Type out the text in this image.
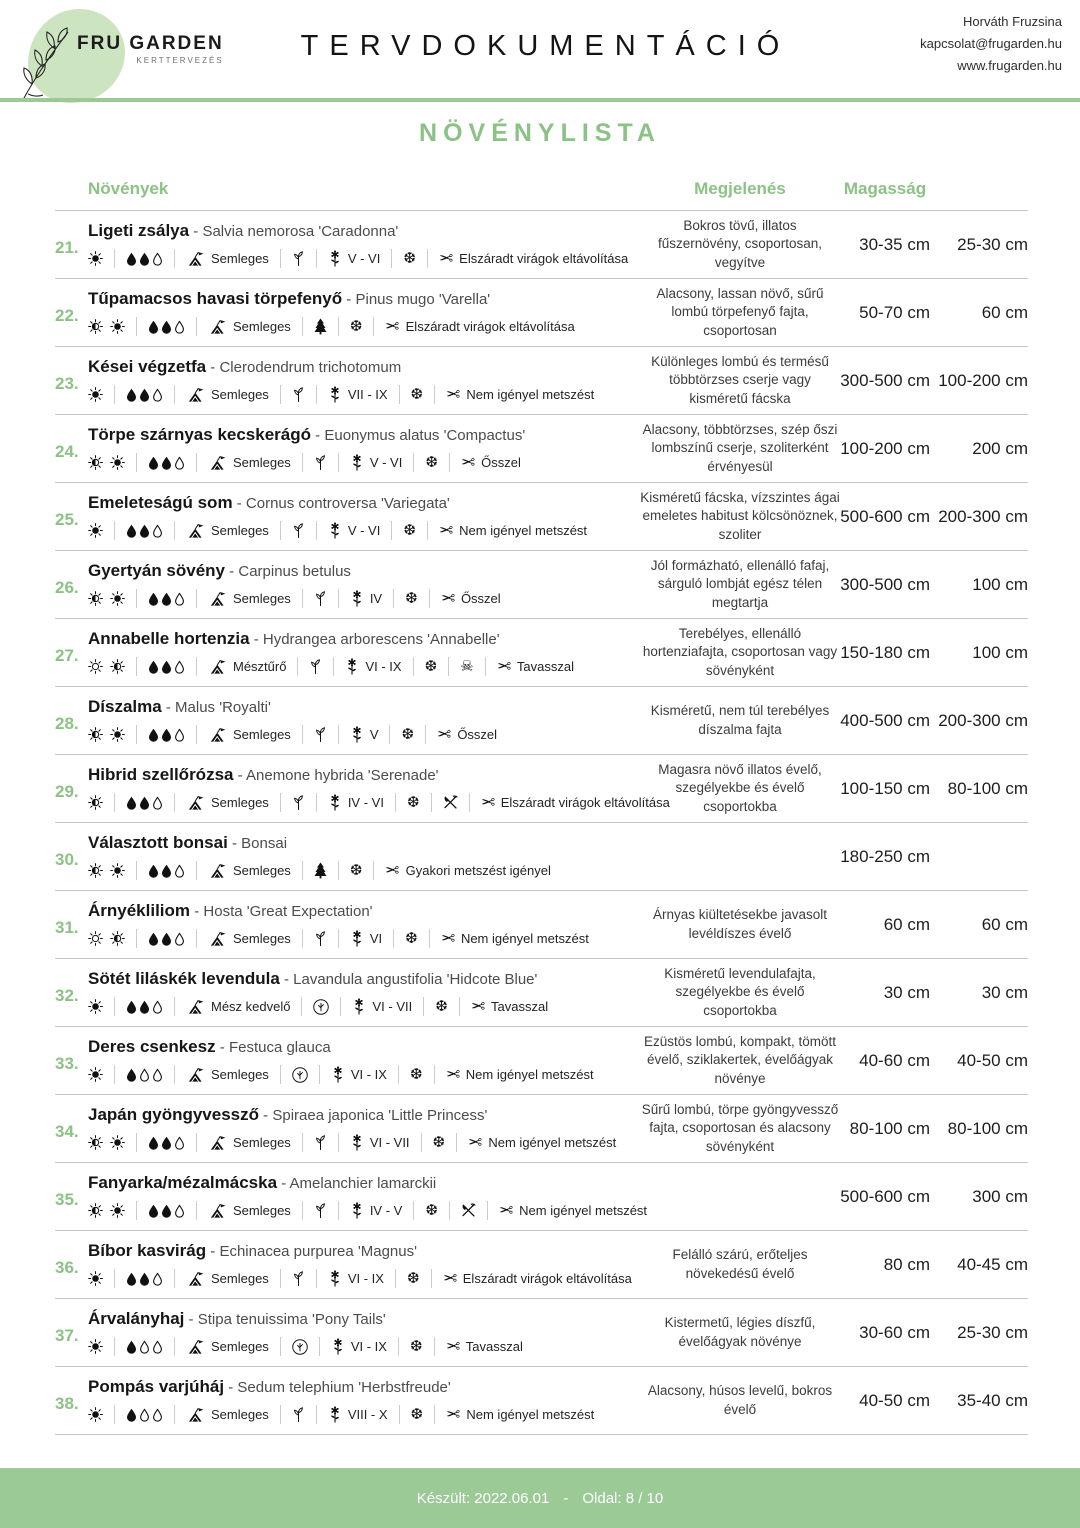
FRU GARDEN
KERTTERVEZÉS	TERVDOKUMENTÁCIÓ
Horváth Fruzsina
kapcsolat@frugarden.hu
www.frugarden.hu
NÖVÉNYLISTA
Növények	Megjelenés	Magasság
21.
Ligeti zsálya - Salvia nemorosa 'Caradonna'
Semleges	V - VI ❆ ✂ Elszáradt virágok eltávolítása
Bokros tövű, illatos fűszernövény, csoportosan, vegyítve
30-35 cm	25-30 cm
22.
Tűpamacsos havasi törpefenyő - Pinus mugo 'Varella'
Semleges	❆ ✂ Elszáradt virágok eltávolítása
Alacsony, lassan növő, sűrű lombú törpefenyő fajta, csoportosan
50-70 cm	60 cm
23.
Kései végzetfa - Clerodendrum trichotomum
Semleges	VII - IX ❆ ✂ Nem igényel metszést
Különleges lombú és termésű többtörzses cserje vagy kisméretű fácska
300-500 cm 100-200 cm
24.
Törpe szárnyas kecskerágó - Euonymus alatus 'Compactus'
Semleges	V - VI ❆ ✂ Ősszel
Alacsony, többtörzses, szép őszi lombszínű cserje, szoliterként érvényesül
100-200 cm	200 cm
25.
Emeleteságú som - Cornus controversa 'Variegata'
Semleges	V - VI ❆ ✂ Nem igényel metszést
Kisméretű fácska, vízszintes ágai emeletes habitust kölcsönöznek, szoliter
500-600 cm 200-300 cm
26.
Gyertyán sövény - Carpinus betulus
Semleges	IV ❆ ✂ Ősszel
Jól formázható, ellenálló fafaj, sárguló lombját egész télen megtartja
300-500 cm	100 cm
27.
Annabelle hortenzia - Hydrangea arborescens 'Annabelle'
Mésztűrő	VI - IX ❆ ☠ ✂ Tavasszal
Terebélyes, ellenálló hortenziafajta, csoportosan vagy sövényként
150-180 cm	100 cm
28.
Díszalma - Malus 'Royalti'
Semleges	V ❆ ✂ Ősszel
Kisméretű, nem túl terebélyes díszalma fajta	400-500 cm 200-300 cm
29.
Hibrid szellőrózsa - Anemone hybrida 'Serenade'
Semleges	IV - VI ❆	✂ Elszáradt virágok eltávolítása
Magasra növő illatos évelő, szegélyekbe és évelő csoportokba
100-150 cm	80-100 cm
30.
Választott bonsai - Bonsai
Semleges	❆ ✂ Gyakori metszést igényel
180-250 cm
31.
Árnyékliliom - Hosta 'Great Expectation'
Semleges	VI ❆ ✂ Nem igényel metszést
Árnyas kiültetésekbe javasolt levéldíszes évelő	60 cm	60 cm
32.
Sötét liláskék levendula - Lavandula angustifolia 'Hidcote Blue'
Mész kedvelő	VI - VII ❆ ✂ Tavasszal
Kisméretű levendulafajta, szegélyekbe és évelő csoportokba
30 cm	30 cm
33.
Deres csenkesz - Festuca glauca
Semleges	VI - IX ❆ ✂ Nem igényel metszést
Ezüstös lombú, kompakt, tömött évelő, sziklakertek, évelőágyak növénye
40-60 cm	40-50 cm
34.
Japán gyöngyvessző - Spiraea japonica 'Little Princess'
Semleges	VI - VII ❆ ✂ Nem igényel metszést
Sűrű lombú, törpe gyöngyvessző fajta, csoportosan és alacsony sövényként
80-100 cm	80-100 cm
35.
Fanyarka/mézalmácska - Amelanchier lamarckii
Semleges	IV - V ❆	✂ Nem igényel metszést
500-600 cm	300 cm
36.
Bíbor kasvirág - Echinacea purpurea 'Magnus'
Semleges	VI - IX ❆ ✂ Elszáradt virágok eltávolítása
Felálló szárú, erőteljes növekedésű évelő	80 cm	40-45 cm
37.
Árvalányhaj - Stipa tenuissima 'Pony Tails'
Semleges	VI - IX ❆ ✂ Tavasszal
Kistermetű, légies díszfű, évelőágyak növénye	30-60 cm	25-30 cm
38.
Pompás varjúháj - Sedum telephium 'Herbstfreude'
Semleges	VIII - X ❆ ✂ Nem igényel metszést
Alacsony, húsos levelű, bokros évelő	40-50 cm	35-40 cm
Készült: 2022.06.01 - Oldal: 8 / 10
